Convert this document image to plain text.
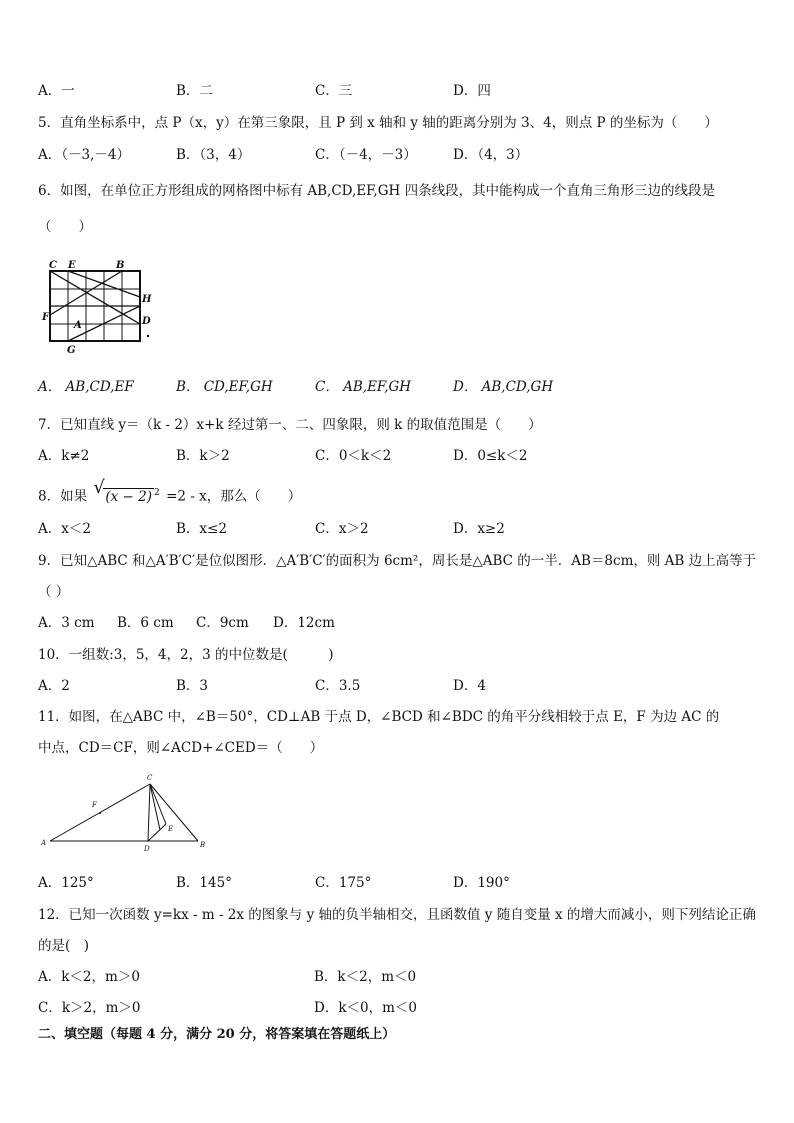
A．一	B．二	C．三	D．四
5．直角坐标系中，点 P（x，y）在第三象限，且 P 到 x 轴和 y 轴的距离分别为 3、4，则点 P 的坐标为（　　）
A．（－3,－4）	B．（3，4）	C．（－4，－3）	D．（4，3）
6．如图，在单位正方形组成的网格图中标有 AB,CD,EF,GH 四条线段，其中能构成一个直角三角形三边的线段是
（　　）
C E	B
H
F	D
A
G
A． AB,CD,EF	B． CD,EF,GH	C． AB,EF,GH	D． AB,CD,GH
7．已知直线 y＝（k - 2）x+k 经过第一、二、四象限，则 k 的取值范围是（　　）
A．k≠2	B．k＞2	C．0＜k＜2	D．0≤k＜2
8．如果 √ (x − 2) $^2$ =2 - x，那么（　　）
A．x＜2	B．x≤2	C．x＞2	D．x≥2
9．已知△ABC 和△A′B′C′是位似图形．△A′B′C′的面积为 6cm²，周长是△ABC 的一半．AB＝8cm，则 AB 边上高等于
（ ）
A．3 cm B．6 cm C．9cm D．12cm
10．一组数:3，5，4，2，3 的中位数是(　　　)
A．2	B．3	C．3.5	D．4
11．如图，在△ABC 中，∠B＝50°，CD⊥AB 于点 D，∠BCD 和∠BDC 的角平分线相较于点 E，F 为边 AC 的
中点，CD＝CF，则∠ACD+∠CED＝（　　）
C
F
A
D
E
B
A．125°	B．145°	C．175°	D．190°
12．已知一次函数 y=kx - m - 2x 的图象与 y 轴的负半轴相交，且函数值 y 随自变量 x 的增大而减小，则下列结论正确
的是(　)
A．k＜2，m＞0	B．k＜2，m＜0
C．k＞2，m＞0	D．k＜0，m＜0
二、填空题（每题 4 分，满分 20 分，将答案填在答题纸上）
